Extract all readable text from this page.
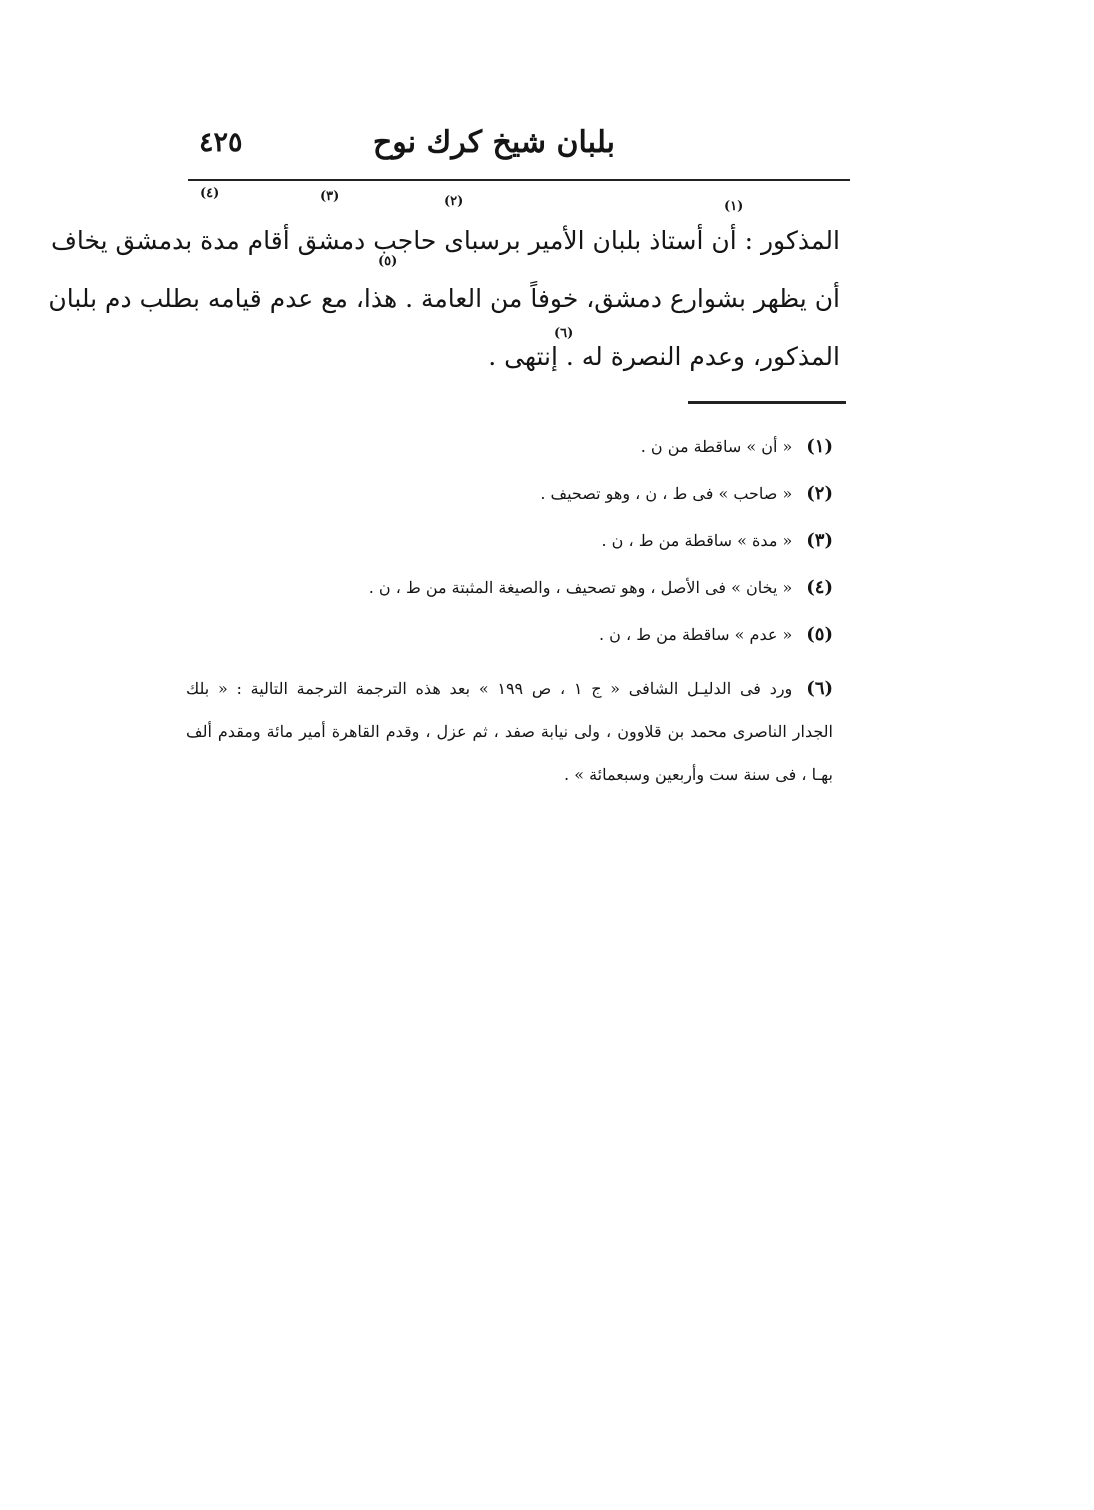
بلبان شيخ كرك نوح
٤٢٥
المذكور : أن أستاذ بلبان الأمير برسباى حاجب دمشق أقام مدة بدمشق يخاف
أن يظهر بشوارع دمشق، خوفاً من العامة . هذا، مع عدم قيامه بطلب دم بلبان
المذكور، وعدم النصرة له . إنتهى .
(١)
(٢)
(٣)
(٤)
(٥)
(٦)
(١)« أن » ساقطة من ن .
(٢)« صاحب » فى ط ، ن ، وهو تصحيف .
(٣)« مدة » ساقطة من ط ، ن .
(٤)« يخان » فى الأصل ، وهو تصحيف ، والصيغة المثبتة من ط ، ن .
(٥)« عدم » ساقطة من ط ، ن .
(٦)ورد فى الدليـل الشافى « ج ١ ، ص ١٩٩ » بعد هذه الترجمة الترجمة التالية : « بلك
الجدار الناصرى محمد بن قلاوون ، ولى نيابة صفد ، ثم عزل ، وقدم القاهرة أمير مائة ومقدم ألف
بهـا ، فى سنة ست وأربعين وسبعمائة » .
